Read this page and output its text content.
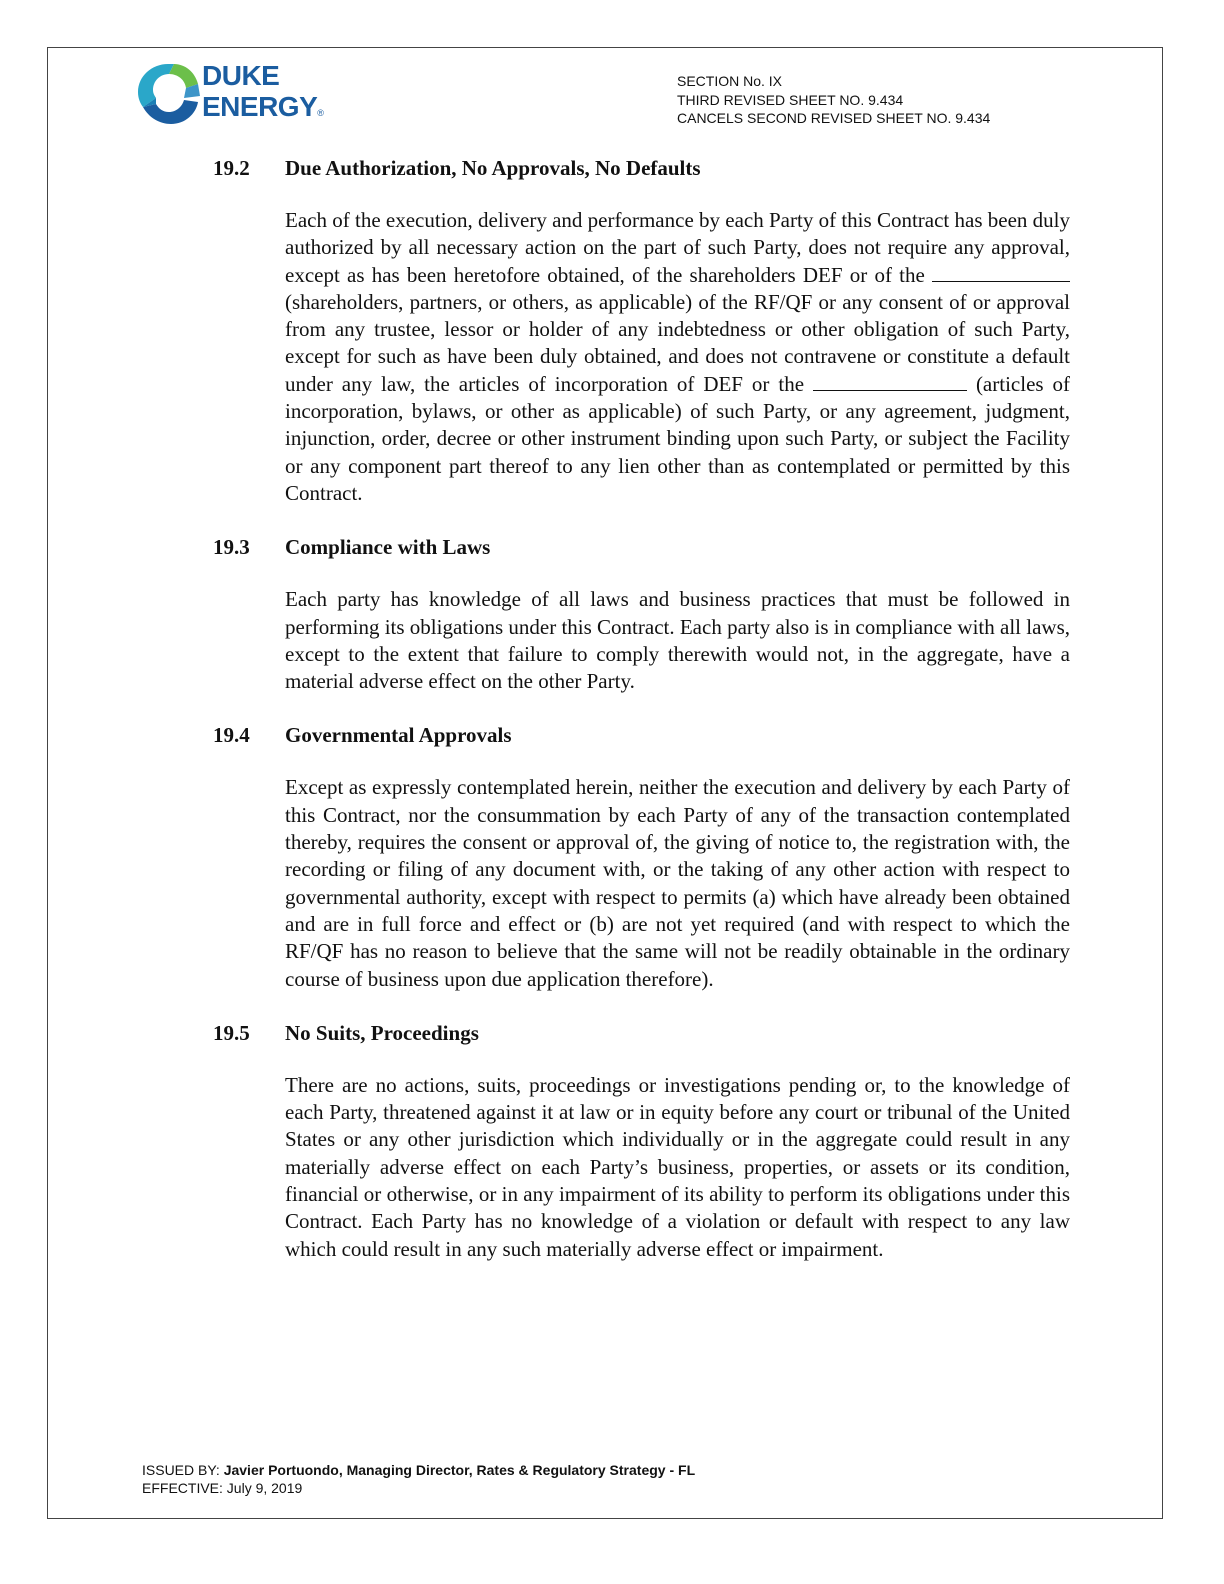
DUKE
ENERGY®
SECTION No. IX
THIRD REVISED SHEET NO. 9.434
CANCELS SECOND REVISED SHEET NO. 9.434
19.2 Due Authorization, No Approvals, No Defaults
Each of the execution, delivery and performance by each Party of this Contract has been duly authorized by all necessary action on the part of such Party, does not require any approval, except as has been heretofore obtained, of the shareholders DEF or of the  (shareholders, partners, or others, as applicable) of the RF/QF or any consent of or approval from any trustee, lessor or holder of any indebtedness or other obligation of such Party, except for such as have been duly obtained, and does not contravene or constitute a default under any law, the articles of incorporation of DEF or the	(articles of incorporation, bylaws, or other as applicable) of such Party, or any agreement, judgment, injunction, order, decree or other instrument binding upon such Party, or subject the Facility or any component part thereof to any lien other than as contemplated or permitted by this Contract.
19.3 Compliance with Laws
Each party has knowledge of all laws and business practices that must be followed in performing its obligations under this Contract. Each party also is in compliance with all laws, except to the extent that failure to comply therewith would not, in the aggregate, have a material adverse effect on the other Party.
19.4 Governmental Approvals
Except as expressly contemplated herein, neither the execution and delivery by each Party of this Contract, nor the consummation by each Party of any of the transaction contemplated thereby, requires the consent or approval of, the giving of notice to, the registration with, the recording or filing of any document with, or the taking of any other action with respect to governmental authority, except with respect to permits (a) which have already been obtained and are in full force and effect or (b) are not yet required (and with respect to which the RF/QF has no reason to believe that the same will not be readily obtainable in the ordinary course of business upon due application therefore).
19.5 No Suits, Proceedings
There are no actions, suits, proceedings or investigations pending or, to the knowledge of each Party, threatened against it at law or in equity before any court or tribunal of the United States or any other jurisdiction which individually or in the aggregate could result in any materially adverse effect on each Party’s business, properties, or assets or its condition, financial or otherwise, or in any impairment of its ability to perform its obligations under this Contract. Each Party has no knowledge of a violation or default with respect to any law which could result in any such materially adverse effect or impairment.
ISSUED BY: Javier Portuondo, Managing Director, Rates & Regulatory Strategy - FL
EFFECTIVE: July 9, 2019
